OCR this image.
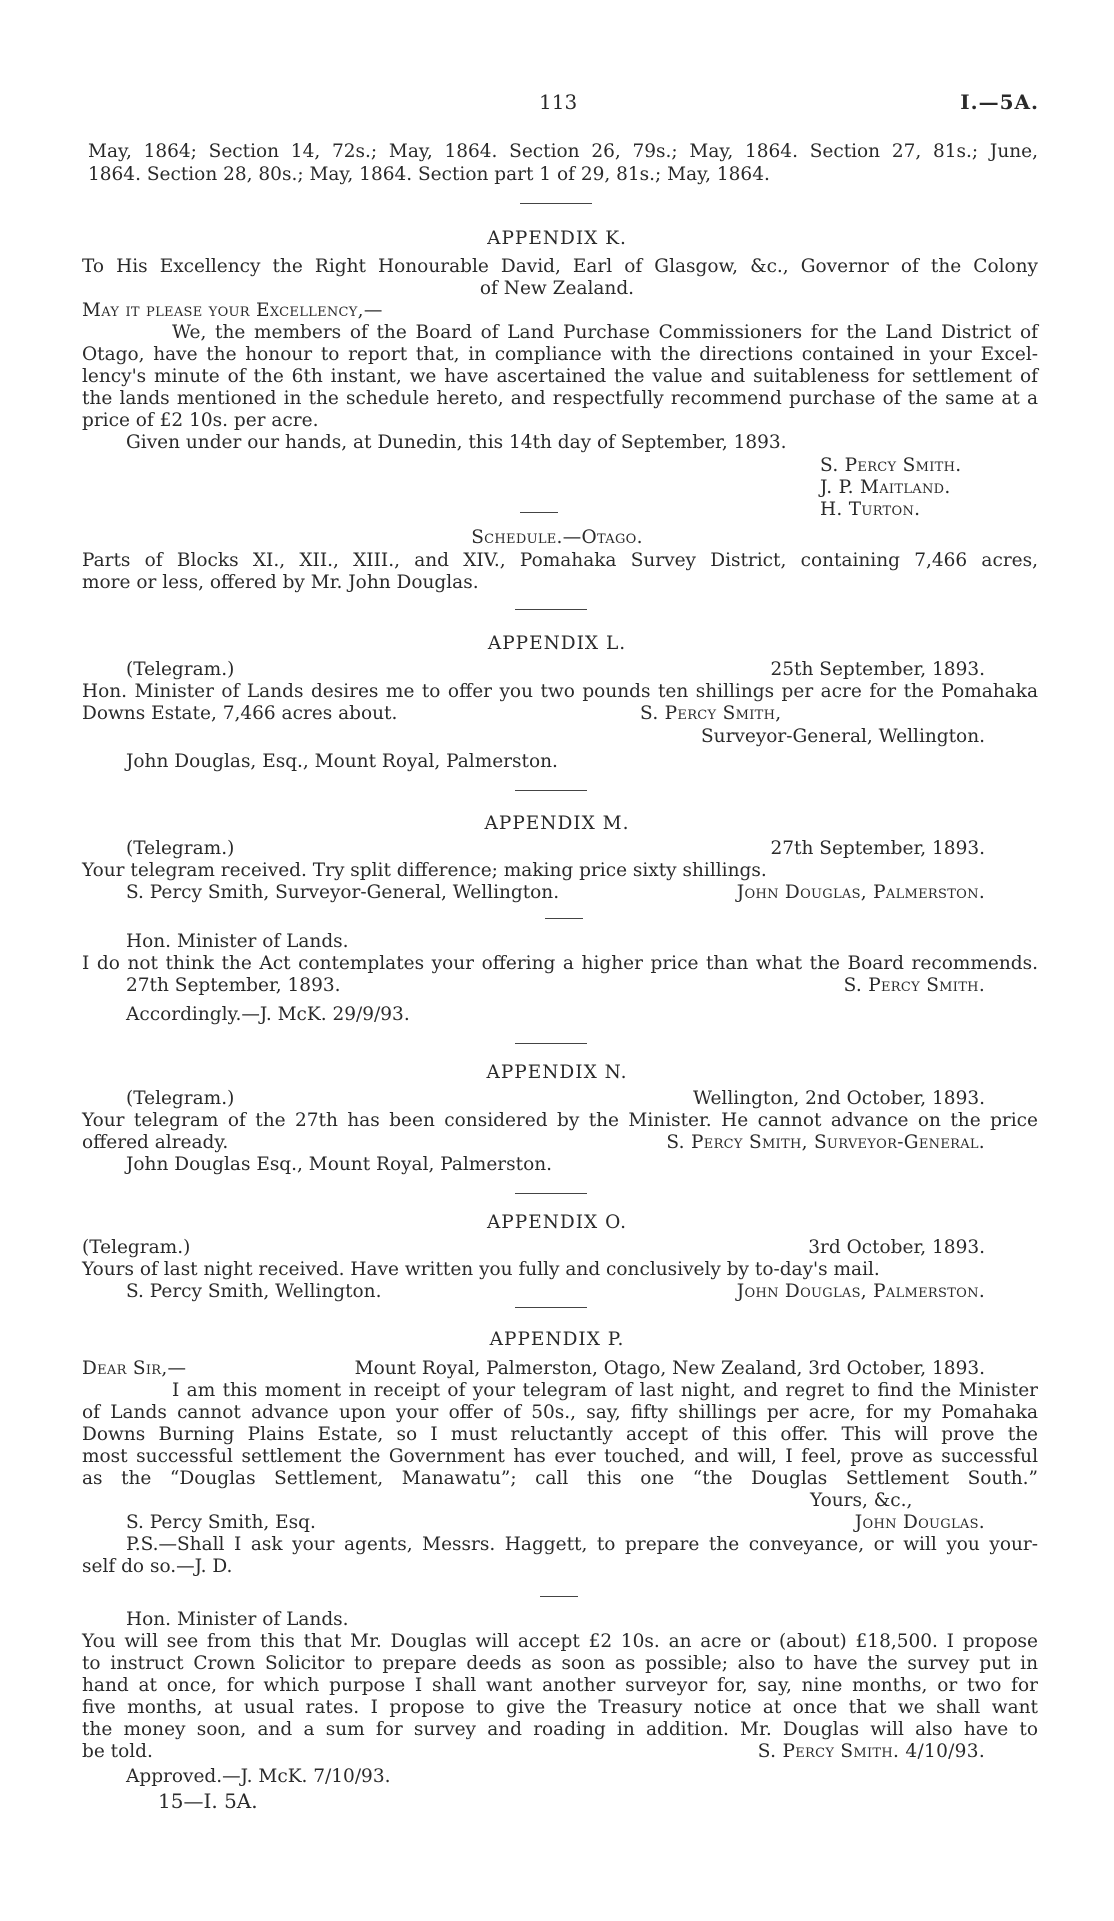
113	I.—5A.
May, 1864; Section 14, 72s.; May, 1864. Section 26, 79s.; May, 1864. Section 27, 81s.; June,
1864. Section 28, 80s.; May, 1864. Section part 1 of 29, 81s.; May, 1864.
APPENDIX K.
To His Excellency the Right Honourable David, Earl of Glasgow, &c., Governor of the Colony
of New Zealand.
May it please your Excellency,—
We, the members of the Board of Land Purchase Commissioners for the Land District of
Otago, have the honour to report that, in compliance with the directions contained in your Excel-
lency's minute of the 6th instant, we have ascertained the value and suitableness for settlement of
the lands mentioned in the schedule hereto, and respectfully recommend purchase of the same at a
price of £2 10s. per acre.
Given under our hands, at Dunedin, this 14th day of September, 1893.
S. Percy Smith.
J. P. Maitland.
H. Turton.
Schedule.—Otago.
Parts of Blocks XI., XII., XIII., and XIV., Pomahaka Survey District, containing 7,466 acres,
more or less, offered by Mr. John Douglas.
APPENDIX L.
(Telegram.)	25th September, 1893.
Hon. Minister of Lands desires me to offer you two pounds ten shillings per acre for the Pomahaka
Downs Estate, 7,466 acres about.	S. Percy Smith,
Surveyor-General, Wellington.
John Douglas, Esq., Mount Royal, Palmerston.
APPENDIX M.
(Telegram.)	27th September, 1893.
Your telegram received. Try split difference; making price sixty shillings.
S. Percy Smith, Surveyor-General, Wellington.	John Douglas, Palmerston.
Hon. Minister of Lands.
I do not think the Act contemplates your offering a higher price than what the Board recommends.
27th September, 1893.	S. Percy Smith.
Accordingly.—J. McK. 29/9/93.
APPENDIX N.
(Telegram.)	Wellington, 2nd October, 1893.
Your telegram of the 27th has been considered by the Minister. He cannot advance on the price
offered already.	S. Percy Smith, Surveyor-General.
John Douglas Esq., Mount Royal, Palmerston.
APPENDIX O.
(Telegram.)	3rd October, 1893.
Yours of last night received. Have written you fully and conclusively by to-day's mail.
S. Percy Smith, Wellington.	John Douglas, Palmerston.
APPENDIX P.
Dear Sir,—	Mount Royal, Palmerston, Otago, New Zealand, 3rd October, 1893.
I am this moment in receipt of your telegram of last night, and regret to find the Minister
of Lands cannot advance upon your offer of 50s., say, fifty shillings per acre, for my Pomahaka
Downs Burning Plains Estate, so I must reluctantly accept of this offer. This will prove the
most successful settlement the Government has ever touched, and will, I feel, prove as successful
as the “Douglas Settlement, Manawatu”; call this one “the Douglas Settlement South.”
Yours, &c.,
S. Percy Smith, Esq.	John Douglas.
P.S.—Shall I ask your agents, Messrs. Haggett, to prepare the conveyance, or will you your-
self do so.—J. D.
Hon. Minister of Lands.
You will see from this that Mr. Douglas will accept £2 10s. an acre or (about) £18,500. I propose
to instruct Crown Solicitor to prepare deeds as soon as possible; also to have the survey put in
hand at once, for which purpose I shall want another surveyor for, say, nine months, or two for
five months, at usual rates. I propose to give the Treasury notice at once that we shall want
the money soon, and a sum for survey and roading in addition. Mr. Douglas will also have to
be told.	S. Percy Smith. 4/10/93.
Approved.—J. McK. 7/10/93.
15—I. 5A.
